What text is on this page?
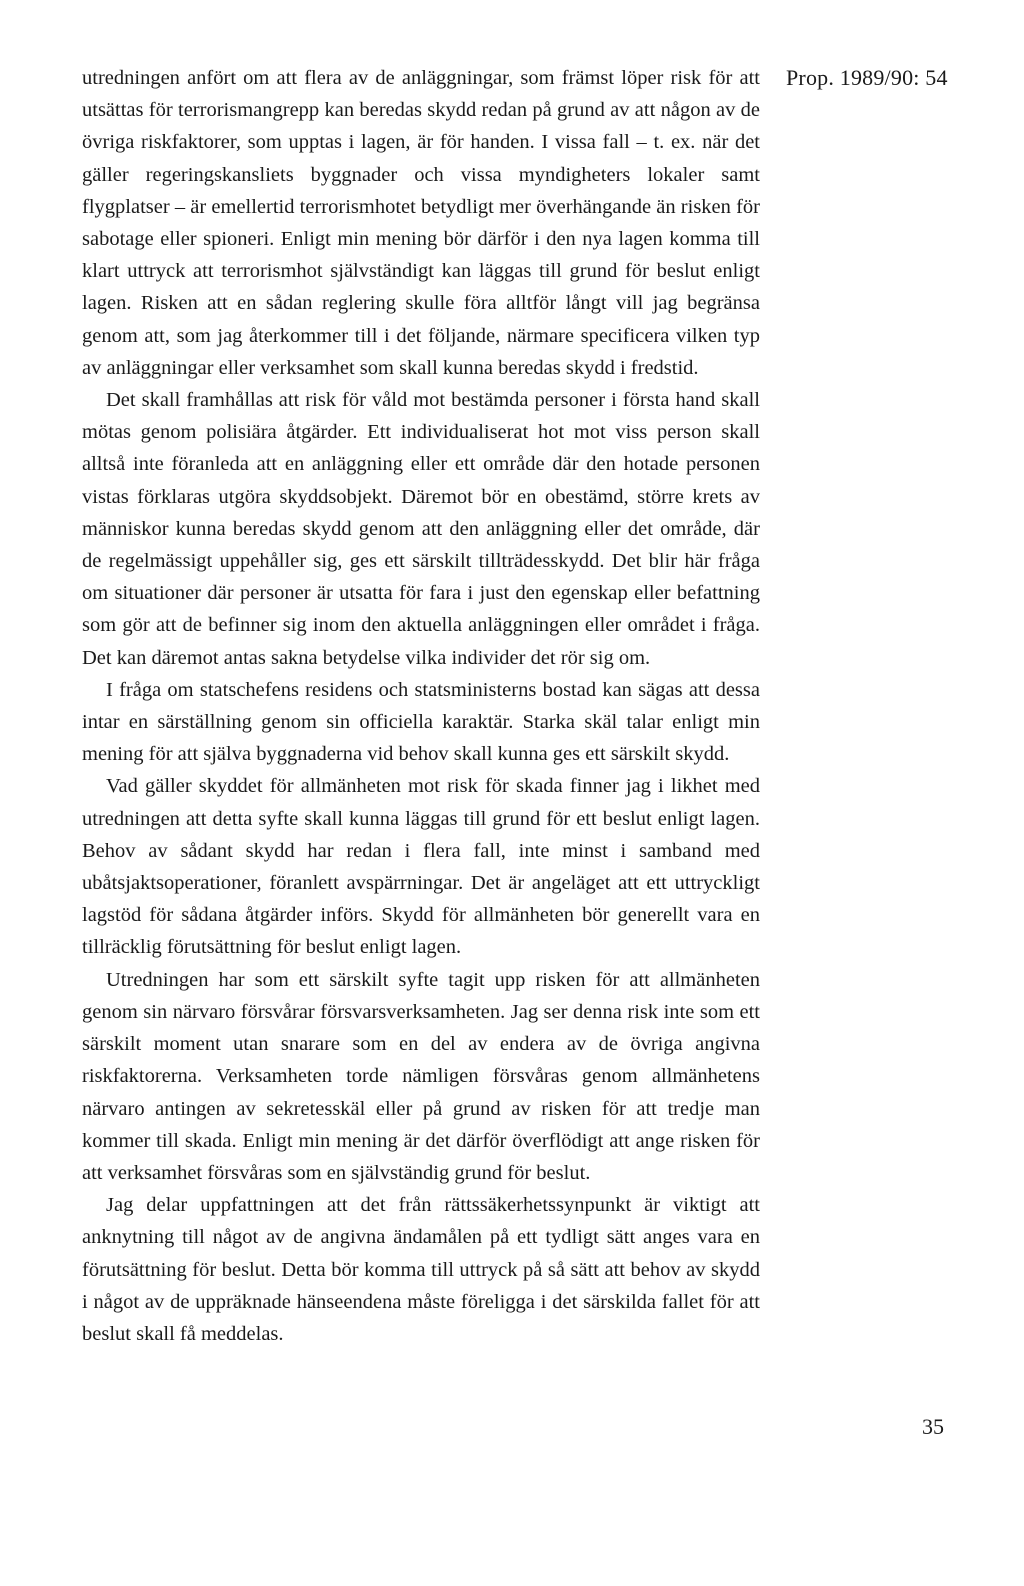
Prop. 1989/90: 54

utredningen anfört om att flera av de anläggningar, som främst löper risk för att utsättas för terrorismangrepp kan beredas skydd redan på grund av att någon av de övriga riskfaktorer, som upptas i lagen, är för handen. I vissa fall – t. ex. när det gäller regeringskansliets byggnader och vissa myndigheters lokaler samt flygplatser – är emellertid terrorismhotet betydligt mer överhängande än risken för sabotage eller spioneri. Enligt min mening bör därför i den nya lagen komma till klart uttryck att terrorismhot självständigt kan läggas till grund för beslut enligt lagen. Risken att en sådan reglering skulle föra alltför långt vill jag begränsa genom att, som jag återkommer till i det följande, närmare specificera vilken typ av anläggningar eller verksamhet som skall kunna beredas skydd i fredstid.

Det skall framhållas att risk för våld mot bestämda personer i första hand skall mötas genom polisiära åtgärder. Ett individualiserat hot mot viss person skall alltså inte föranleda att en anläggning eller ett område där den hotade personen vistas förklaras utgöra skyddsobjekt. Däremot bör en obestämd, större krets av människor kunna beredas skydd genom att den anläggning eller det område, där de regelmässigt uppehåller sig, ges ett särskilt tillträdesskydd. Det blir här fråga om situationer där personer är utsatta för fara i just den egenskap eller befattning som gör att de befinner sig inom den aktuella anläggningen eller området i fråga. Det kan däremot antas sakna betydelse vilka individer det rör sig om.

I fråga om statschefens residens och statsministerns bostad kan sägas att dessa intar en särställning genom sin officiella karaktär. Starka skäl talar enligt min mening för att själva byggnaderna vid behov skall kunna ges ett särskilt skydd.

Vad gäller skyddet för allmänheten mot risk för skada finner jag i likhet med utredningen att detta syfte skall kunna läggas till grund för ett beslut enligt lagen. Behov av sådant skydd har redan i flera fall, inte minst i samband med ubåtsjaktsoperationer, föranlett avspärrningar. Det är angeläget att ett uttryckligt lagstöd för sådana åtgärder införs. Skydd för allmänheten bör generellt vara en tillräcklig förutsättning för beslut enligt lagen.

Utredningen har som ett särskilt syfte tagit upp risken för att allmänheten genom sin närvaro försvårar försvarsverksamheten. Jag ser denna risk inte som ett särskilt moment utan snarare som en del av endera av de övriga angivna riskfaktorerna. Verksamheten torde nämligen försvåras genom allmänhetens närvaro antingen av sekretesskäl eller på grund av risken för att tredje man kommer till skada. Enligt min mening är det därför överflödigt att ange risken för att verksamhet försvåras som en självständig grund för beslut.

Jag delar uppfattningen att det från rättssäkerhetssynpunkt är viktigt att anknytning till något av de angivna ändamålen på ett tydligt sätt anges vara en förutsättning för beslut. Detta bör komma till uttryck på så sätt att behov av skydd i något av de uppräknade hänseendena måste föreligga i det särskilda fallet för att beslut skall få meddelas.

35
